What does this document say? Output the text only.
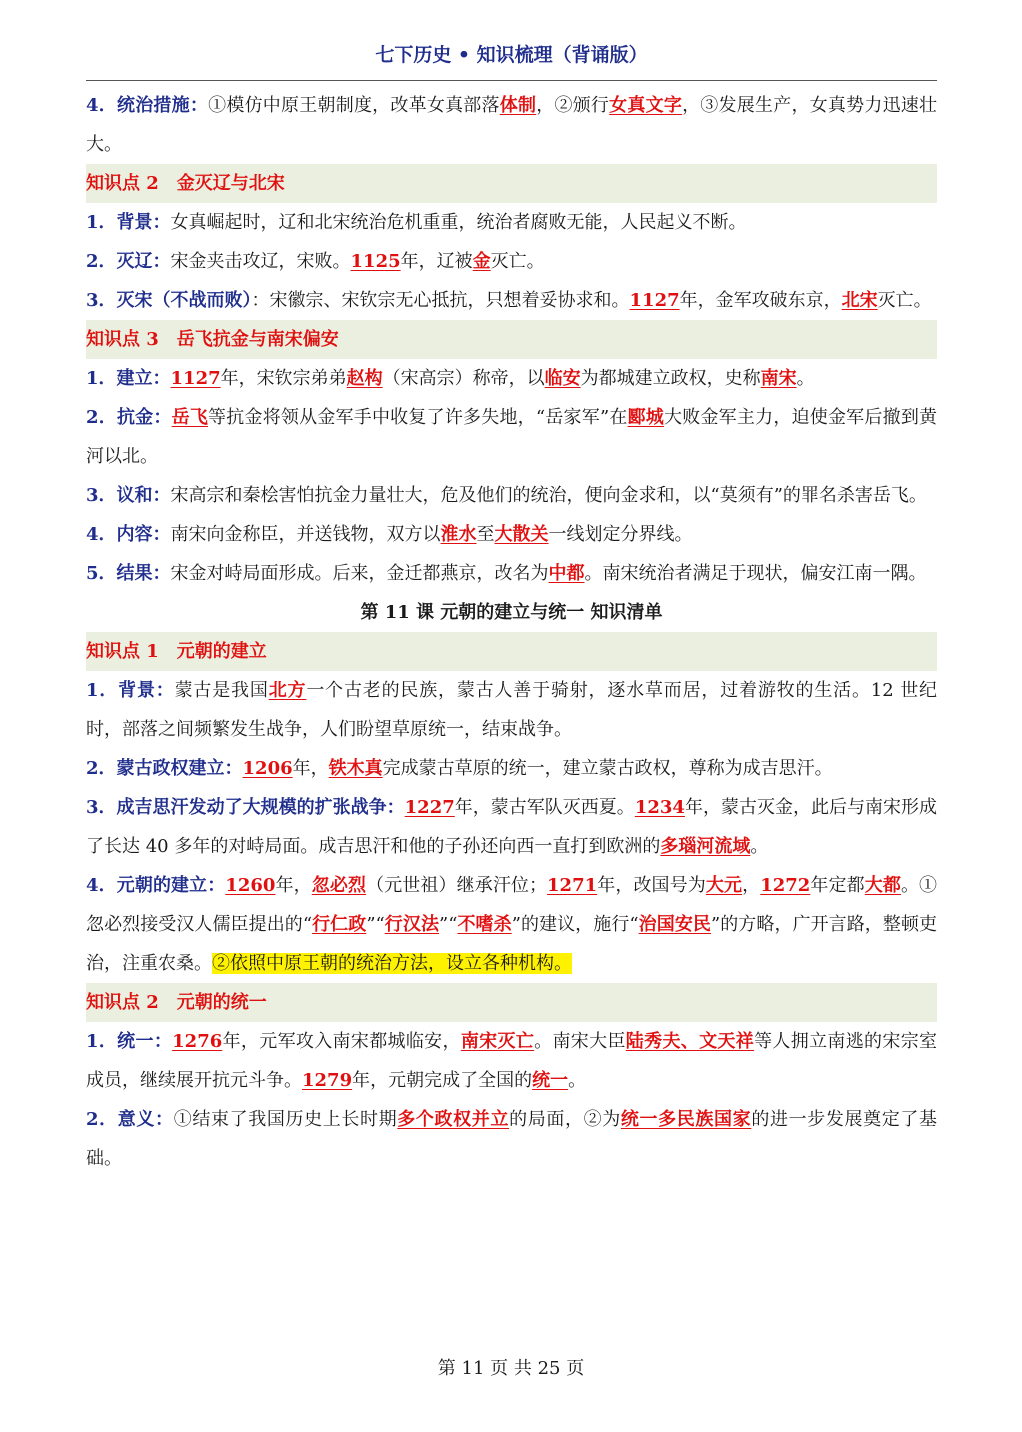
七下历史 • 知识梳理（背诵版）

4．统治措施：①模仿中原王朝制度，改革女真部落体制，②颁行女真文字，③发展生产，女真势力迅速壮大。

知识点 2 金灭辽与北宋

1．背景：女真崛起时，辽和北宋统治危机重重，统治者腐败无能，人民起义不断。

2．灭辽：宋金夹击攻辽，宋败。1125年，辽被金灭亡。

3．灭宋（不战而败）：宋徽宗、宋钦宗无心抵抗，只想着妥协求和。1127年，金军攻破东京，北宋灭亡。

知识点 3 岳飞抗金与南宋偏安

1．建立：1127年，宋钦宗弟弟赵构（宋高宗）称帝，以临安为都城建立政权，史称南宋。

2．抗金：岳飞等抗金将领从金军手中收复了许多失地，“岳家军”在郾城大败金军主力，迫使金军后撤到黄河以北。

3．议和：宋高宗和秦桧害怕抗金力量壮大，危及他们的统治，便向金求和，以“莫须有”的罪名杀害岳飞。

4．内容：南宋向金称臣，并送钱物，双方以淮水至大散关一线划定分界线。

5．结果：宋金对峙局面形成。后来，金迁都燕京，改名为中都。南宋统治者满足于现状，偏安江南一隅。

第 11 课 元朝的建立与统一 知识清单

知识点 1 元朝的建立

1．背景：蒙古是我国北方一个古老的民族，蒙古人善于骑射，逐水草而居，过着游牧的生活。12 世纪时，部落之间频繁发生战争，人们盼望草原统一，结束战争。

2．蒙古政权建立：1206年，铁木真完成蒙古草原的统一，建立蒙古政权，尊称为成吉思汗。

3．成吉思汗发动了大规模的扩张战争：1227年，蒙古军队灭西夏。1234年，蒙古灭金，此后与南宋形成了长达 40 多年的对峙局面。成吉思汗和他的子孙还向西一直打到欧洲的多瑙河流域。

4．元朝的建立：1260年，忽必烈（元世祖）继承汗位；1271年，改国号为大元，1272年定都大都。①忽必烈接受汉人儒臣提出的“行仁政”“行汉法”“不嗜杀”的建议，施行“治国安民”的方略，广开言路，整顿吏治，注重农桑。②依照中原王朝的统治方法，设立各种机构。

知识点 2 元朝的统一

1．统一：1276年，元军攻入南宋都城临安，南宋灭亡。南宋大臣陆秀夫、文天祥等人拥立南逃的宋宗室成员，继续展开抗元斗争。1279年，元朝完成了全国的统一。

2．意义：①结束了我国历史上长时期多个政权并立的局面，②为统一多民族国家的进一步发展奠定了基础。

第 11 页 共 25 页
